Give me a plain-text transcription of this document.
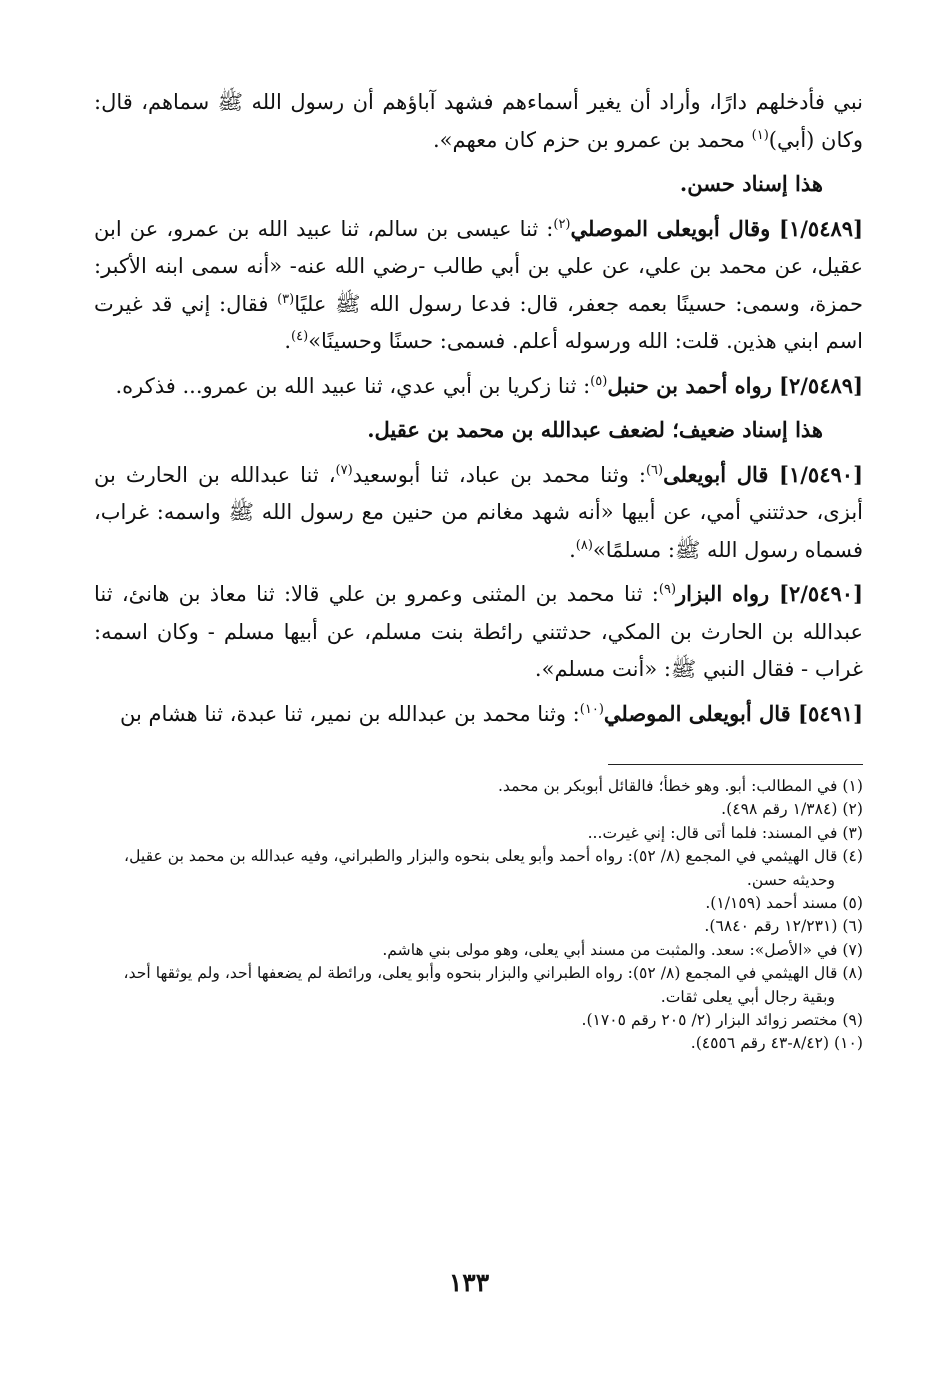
نبي فأدخلهم دارًا، وأراد أن يغير أسماءهم فشهد آباؤهم أن رسول الله ﷺ سماهم، قال: وكان (أبي)$^{(١)}$ محمد بن عمرو بن حزم كان معهم».

هذا إسناد حسن.

[١/٥٤٨٩] وقال أبويعلى الموصلي$^{(٢)}$: ثنا عيسى بن سالم، ثنا عبيد الله بن عمرو، عن ابن عقيل، عن محمد بن علي، عن علي بن أبي طالب -رضي الله عنه- «أنه سمى ابنه الأكبر: حمزة، وسمى: حسينًا بعمه جعفر، قال: فدعا رسول الله ﷺ عليًا$^{(٣)}$ فقال: إني قد غيرت اسم ابني هذين. قلت: الله ورسوله أعلم. فسمى: حسنًا وحسينًا»$^{(٤)}$.

[٢/٥٤٨٩] رواه أحمد بن حنبل$^{(٥)}$: ثنا زكريا بن أبي عدي، ثنا عبيد الله بن عمرو... فذكره.

هذا إسناد ضعيف؛ لضعف عبدالله بن محمد بن عقيل.

[١/٥٤٩٠] قال أبويعلى$^{(٦)}$: وثنا محمد بن عباد، ثنا أبوسعيد$^{(٧)}$، ثنا عبدالله بن الحارث بن أبزى، حدثتني أمي، عن أبيها «أنه شهد مغانم من حنين مع رسول الله ﷺ واسمه: غراب، فسماه رسول الله ﷺ: مسلمًا»$^{(٨)}$.

[٢/٥٤٩٠] رواه البزار$^{(٩)}$: ثنا محمد بن المثنى وعمرو بن علي قالا: ثنا معاذ بن هانئ، ثنا عبدالله بن الحارث بن المكي، حدثتني رائطة بنت مسلم، عن أبيها مسلم - وكان اسمه: غراب - فقال النبي ﷺ: «أنت مسلم».

[٥٤٩١] قال أبويعلى الموصلي$^{(١٠)}$: وثنا محمد بن عبدالله بن نمير، ثنا عبدة، ثنا هشام بن

(١) في المطالب: أبو. وهو خطأ؛ فالقائل أبوبكر بن محمد.

(٢) (١/٣٨٤ رقم ٤٩٨).

(٣) في المسند: فلما أتى قال: إني غيرت...

(٤) قال الهيثمي في المجمع (٨/ ٥٢): رواه أحمد وأبو يعلى بنحوه والبزار والطبراني، وفيه عبدالله بن محمد بن عقيل، وحديثه حسن.

(٥) مسند أحمد (١/١٥٩).

(٦) (١٢/٢٣١ رقم ٦٨٤٠).

(٧) في «الأصل»: سعد. والمثبت من مسند أبي يعلى، وهو مولى بني هاشم.

(٨) قال الهيثمي في المجمع (٨/ ٥٢): رواه الطبراني والبزار بنحوه وأبو يعلى، ورائطة لم يضعفها أحد، ولم يوثقها أحد، وبقية رجال أبي يعلى ثقات.

(٩) مختصر زوائد البزار (٢/ ٢٠٥ رقم ١٧٠٥).

(١٠) (٨/٤٢-٤٣ رقم ٤٥٥٦).

١٣٣
